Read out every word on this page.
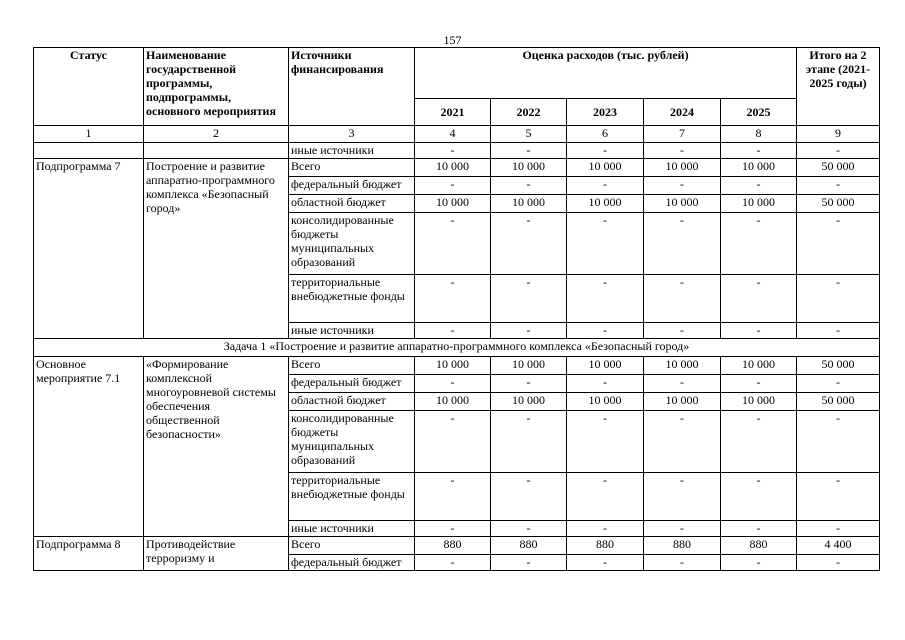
157
Статус	Наименование государственной программы, подпрограммы, основного мероприятия	Источники финансирования	Оценка расходов (тыс. рублей)					Итого на 2 этапе (2021-2025 годы)
			2021	2022	2023	2024	2025	
1	2	3	4	5	6	7	8	9
		иные источники	-	-	-	-	-	-
Подпрограмма 7	Построение и развитие аппаратно-программного комплекса «Безопасный город»	Всего	10 000	10 000	10 000	10 000	10 000	50 000
		федеральный бюджет	-	-	-	-	-	-
		областной бюджет	10 000	10 000	10 000	10 000	10 000	50 000
		консолидированные бюджеты муниципальных образований	-	-	-	-	-	-
		территориальные внебюджетные фонды	-	-	-	-	-	-
		иные источники	-	-	-	-	-	-
Задача 1 «Построение и развитие аппаратно-программного комплекса «Безопасный город»								
Основное мероприятие 7.1	«Формирование комплексной многоуровневой системы обеспечения общественной безопасности»	Всего	10 000	10 000	10 000	10 000	10 000	50 000
		федеральный бюджет	-	-	-	-	-	-
		областной бюджет	10 000	10 000	10 000	10 000	10 000	50 000
		консолидированные бюджеты муниципальных образований	-	-	-	-	-	-
		территориальные внебюджетные фонды	-	-	-	-	-	-
		иные источники	-	-	-	-	-	-
Подпрограмма 8	Противодействие терроризму и	Всего	880	880	880	880	880	4 400
		федеральный бюджет	-	-	-	-	-	-
